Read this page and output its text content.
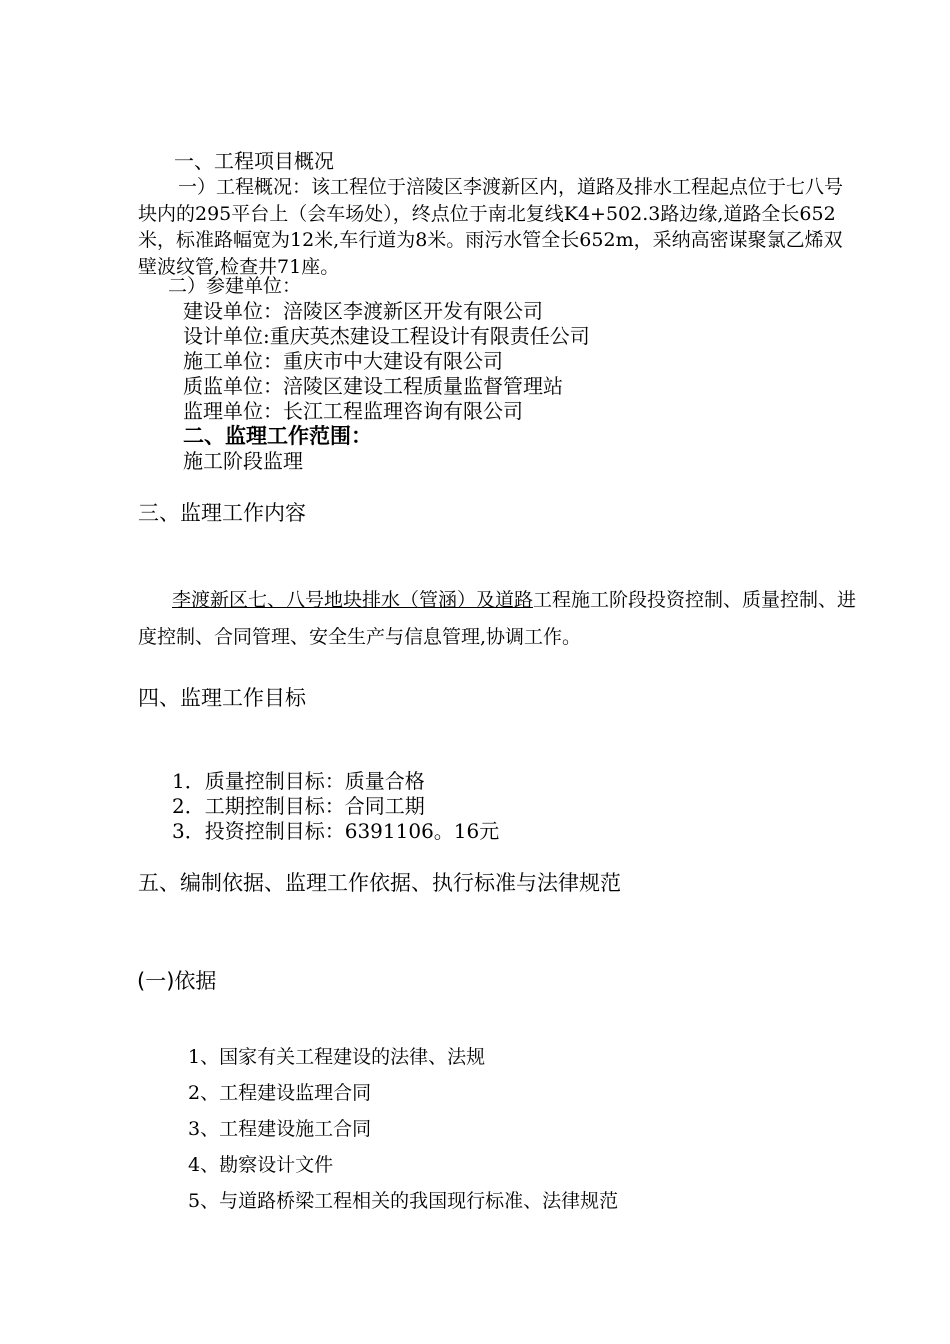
一、工程项目概况
一）工程概况：该工程位于涪陵区李渡新区内，道路及排水工程起点位于七八号块内的295平台上（会车场处），终点位于南北复线K4+502.3路边缘,道路全长652米，标准路幅宽为12米,车行道为8米。雨污水管全长652m，采纳高密谋聚氯乙烯双壁波纹管,检查井71座。
二）参建单位：
建设单位：涪陵区李渡新区开发有限公司
设计单位:重庆英杰建设工程设计有限责任公司
施工单位：重庆市中大建设有限公司
质监单位：涪陵区建设工程质量监督管理站
监理单位：长江工程监理咨询有限公司
二、监理工作范围：
施工阶段监理
三、监理工作内容
李渡新区七、八号地块排水（管涵）及道路工程施工阶段投资控制、质量控制、进度控制、合同管理、安全生产与信息管理,协调工作。
四、监理工作目标
1．质量控制目标：质量合格
2．工期控制目标：合同工期
3．投资控制目标：6391106。16元
五、编制依据、监理工作依据、执行标准与法律规范
(一)依据
1、国家有关工程建设的法律、法规
2、工程建设监理合同
3、工程建设施工合同
4、勘察设计文件
5、与道路桥梁工程相关的我国现行标准、法律规范
